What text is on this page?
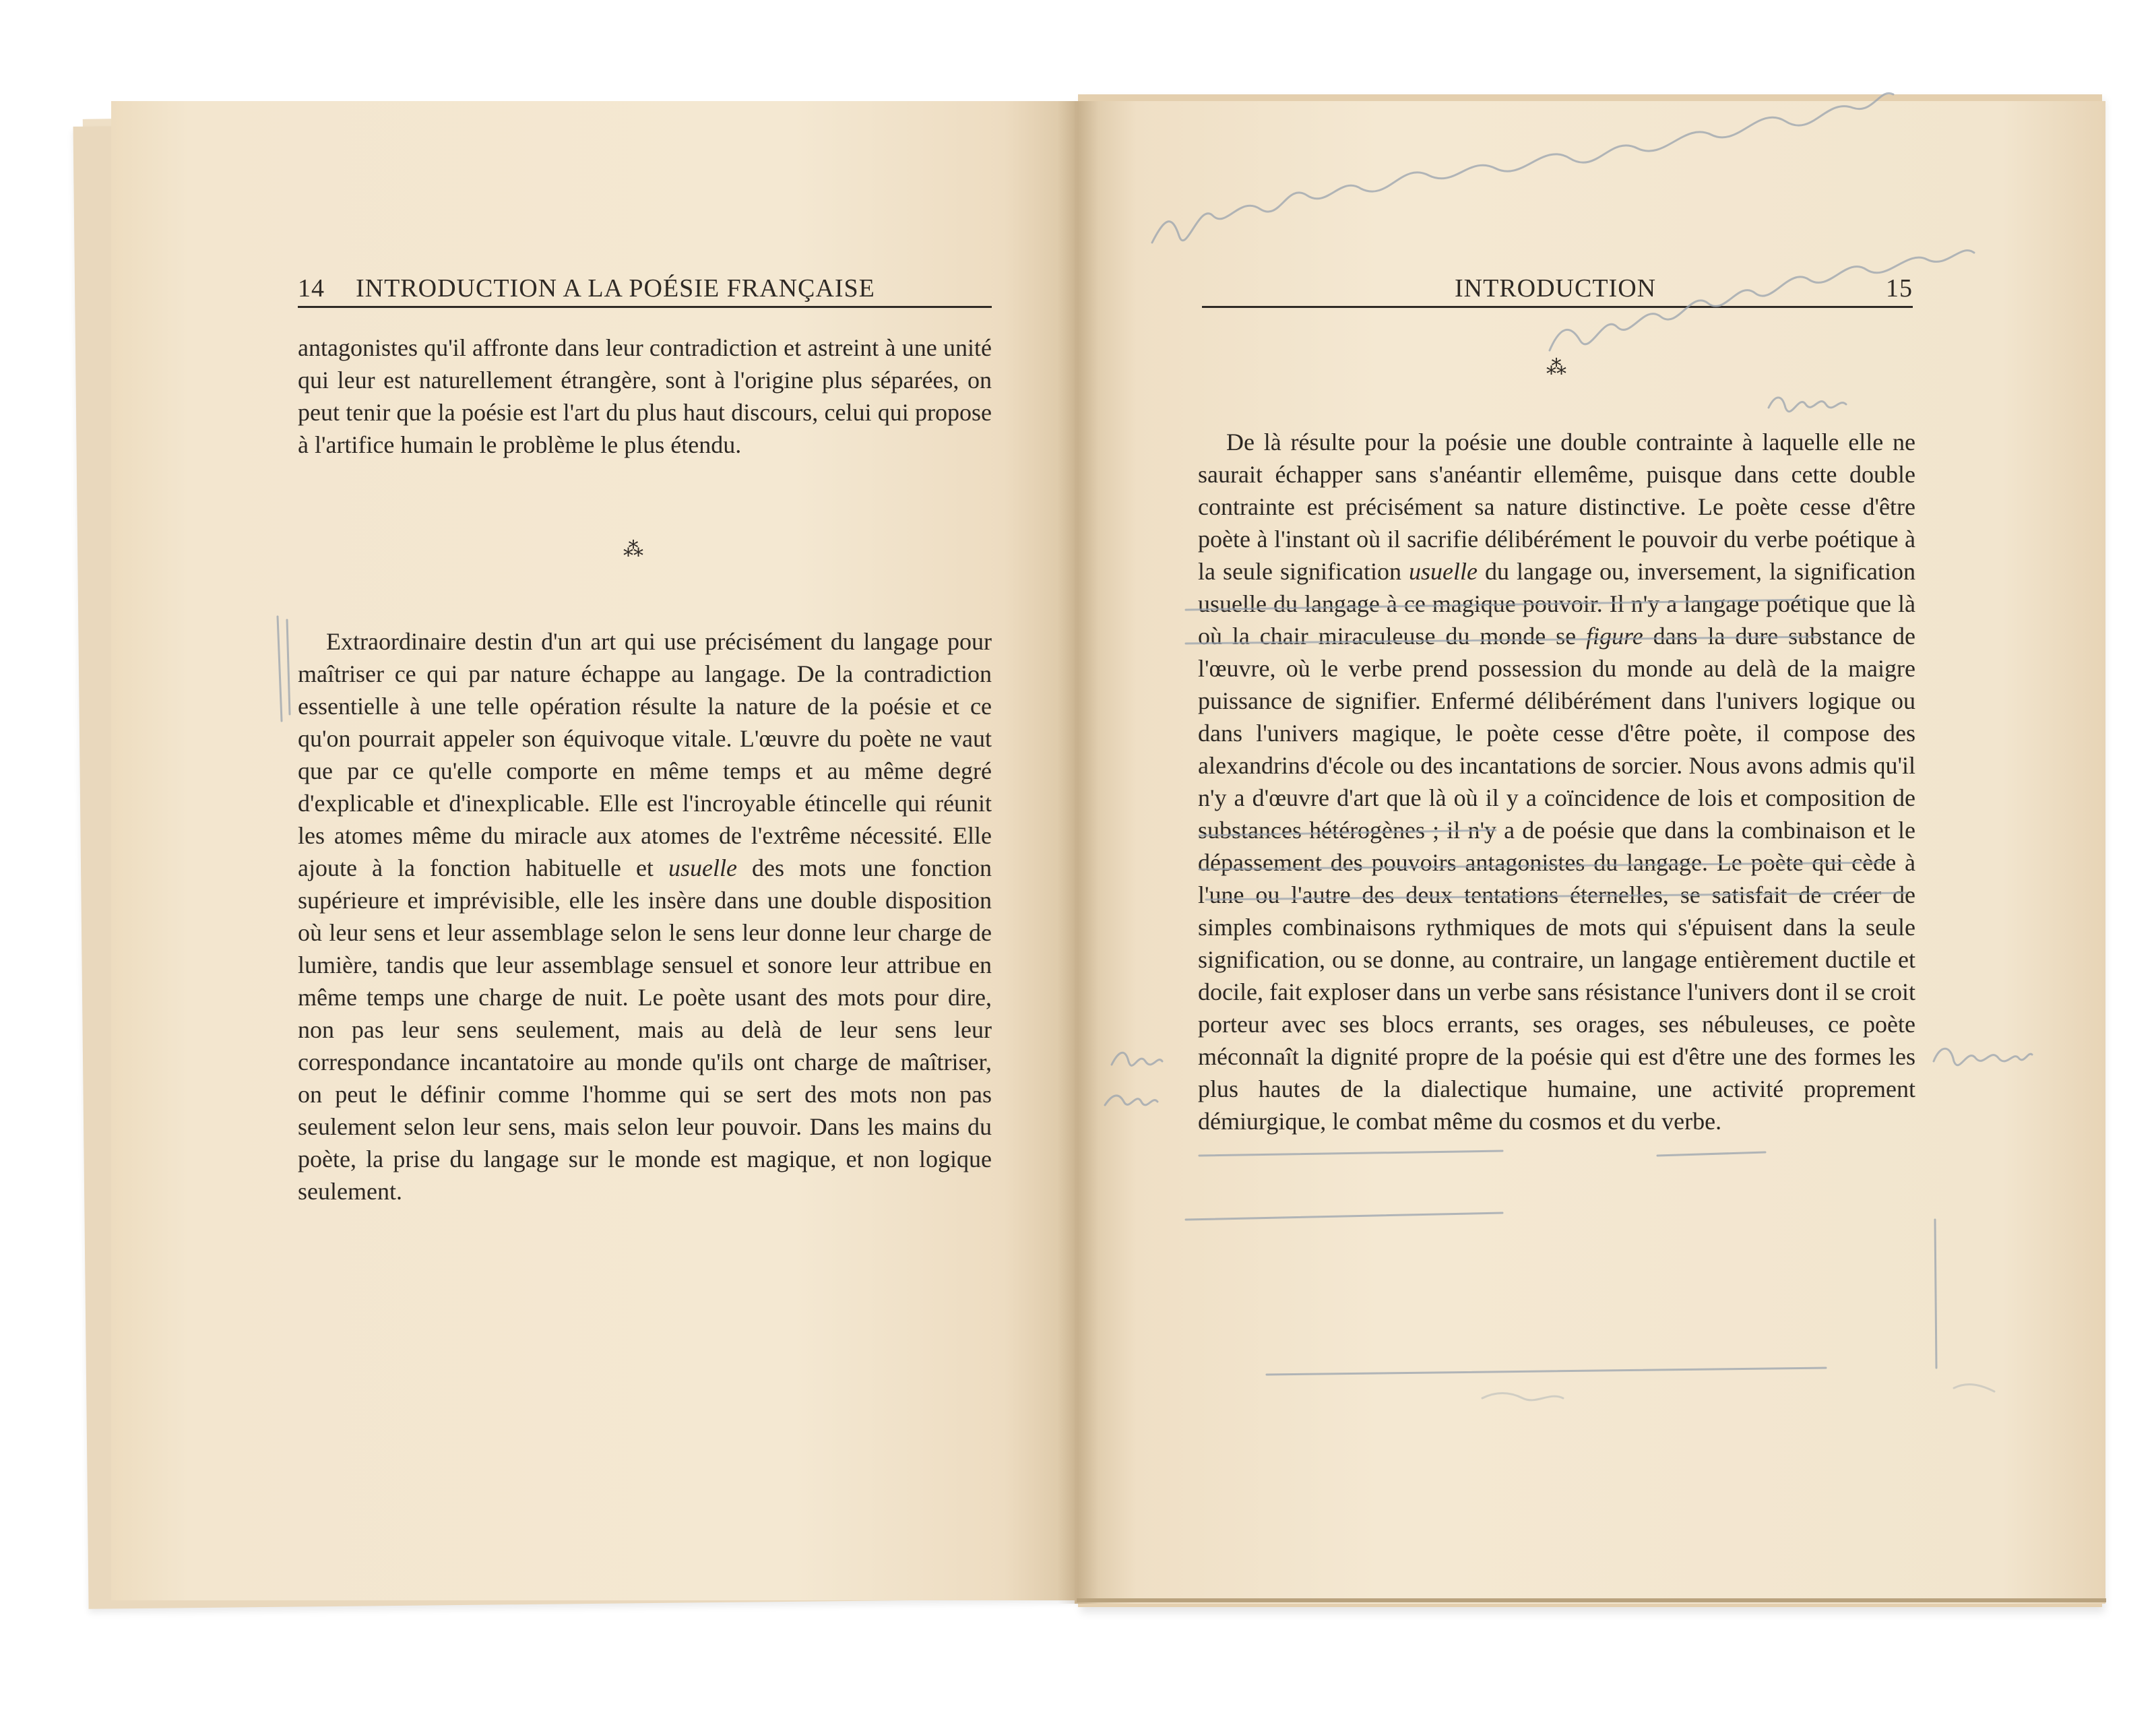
14 INTRODUCTION A LA POÉSIE FRANÇAISE	INTRODUCTION	15

antagonistes qu'il affronte dans leur contradiction et astreint à une unité qui leur est naturellement étrangère, sont à l'origine plus séparées, on peut tenir que la poésie est l'art du plus haut discours, celui qui propose à l'artifice humain le problème le plus étendu.

⁂

Extraordinaire destin d'un art qui use précisément du langage pour maîtriser ce qui par nature échappe au langage. De la contradiction essentielle à une telle opération résulte la nature de la poésie et ce qu'on pourrait appeler son équivoque vitale. L'œuvre du poète ne vaut que par ce qu'elle comporte en même temps et au même degré d'explicable et d'inexplicable. Elle est l'incroyable étincelle qui réunit les atomes même du miracle aux atomes de l'extrême nécessité. Elle ajoute à la fonction habituelle et usuelle des mots une fonction supérieure et imprévisible, elle les insère dans une double disposition où leur sens et leur assemblage selon le sens leur donne leur charge de lumière, tandis que leur assemblage sensuel et sonore leur attribue en même temps une charge de nuit. Le poète usant des mots pour dire, non pas leur sens seulement, mais au delà de leur sens leur correspondance incantatoire au monde qu'ils ont charge de maîtriser, on peut le définir comme l'homme qui se sert des mots non pas seulement selon leur sens, mais selon leur pouvoir. Dans les mains du poète, la prise du langage sur le monde est magique, et non logique seulement.

⁂

De là résulte pour la poésie une double contrainte à laquelle elle ne saurait échapper sans s'anéantir ellemême, puisque dans cette double contrainte est précisément sa nature distinctive. Le poète cesse d'être poète à l'instant où il sacrifie délibérément le pouvoir du verbe poétique à la seule signification usuelle du langage ou, inversement, la signification usuelle du langage à ce magique pouvoir. Il n'y a langage poétique que là où la chair miraculeuse du monde se figure dans la dure substance de l'œuvre, où le verbe prend possession du monde au delà de la maigre puissance de signifier. Enfermé délibérément dans l'univers logique ou dans l'univers magique, le poète cesse d'être poète, il compose des alexandrins d'école ou des incantations de sorcier. Nous avons admis qu'il n'y a d'œuvre d'art que là où il y a coïncidence de lois et composition de substances hétérogènes ; il n'y a de poésie que dans la combinaison et le dépassement des pouvoirs antagonistes du langage. Le poète qui cède à l'une ou l'autre des deux tentations éternelles, se satisfait de créer de simples combinaisons rythmiques de mots qui s'épuisent dans la seule signification, ou se donne, au contraire, un langage entièrement ductile et docile, fait exploser dans un verbe sans résistance l'univers dont il se croit porteur avec ses blocs errants, ses orages, ses nébuleuses, ce poète méconnaît la dignité propre de la poésie qui est d'être une des formes les plus hautes de la dialectique humaine, une activité proprement démiurgique, le combat même du cosmos et du verbe.
